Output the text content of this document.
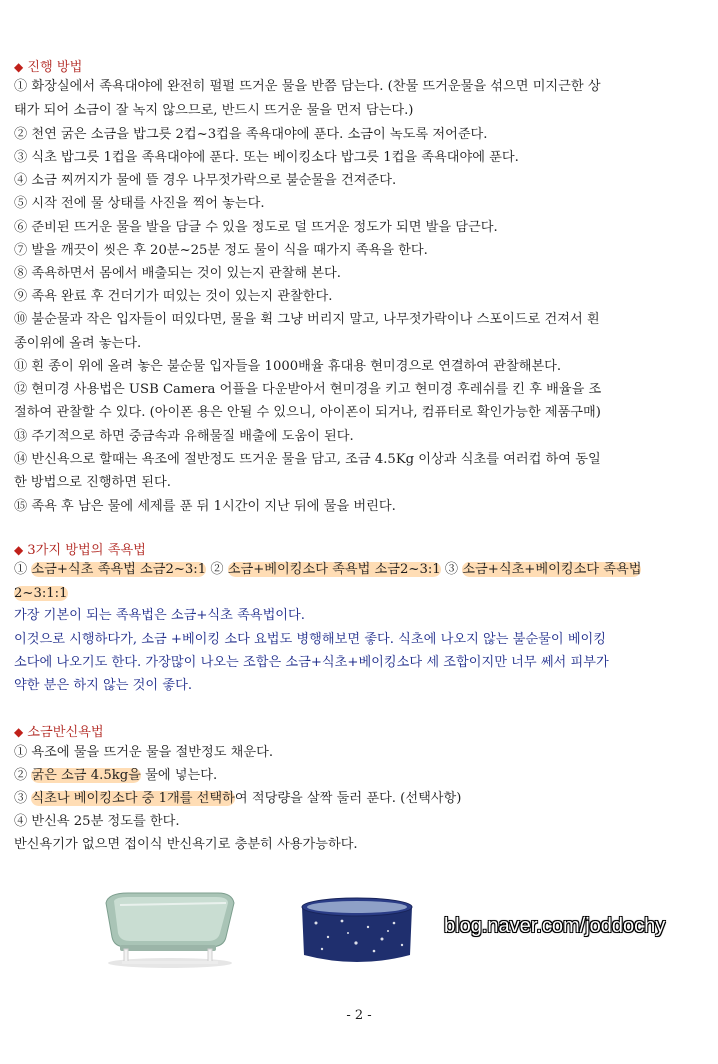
◆ 진행 방법
① 화장실에서 족욕대야에 완전히 펄펄 뜨거운 물을 반쯤 담는다. (찬물 뜨거운물을 섞으면 미지근한 상
태가 되어 소금이 잘 녹지 않으므로, 반드시 뜨거운 물을 먼저 담는다.)
② 천연 굵은 소금을 밥그릇 2컵~3컵을 족욕대야에 푼다. 소금이 녹도록 저어준다.
③ 식초 밥그릇 1컵을 족욕대야에 푼다. 또는 베이킹소다 밥그릇 1컵을 족욕대야에 푼다.
④ 소금 찌꺼지가 물에 뜰 경우 나무젓가락으로 불순물을 건져준다.
⑤ 시작 전에 물 상태를 사진을 찍어 놓는다.
⑥ 준비된 뜨거운 물을 발을 담글 수 있을 정도로 덜 뜨거운 정도가 되면 발을 담근다.
⑦ 발을 깨끗이 씻은 후 20분~25분 정도 물이 식을 때가지 족욕을 한다.
⑧ 족욕하면서 몸에서 배출되는 것이 있는지 관찰해 본다.
⑨ 족욕 완료 후 건더기가 떠있는 것이 있는지 관찰한다.
⑩ 불순물과 작은 입자들이 떠있다면, 물을 휙 그냥 버리지 말고, 나무젓가락이나 스포이드로 건져서 흰
종이위에 올려 놓는다.
⑪ 흰 종이 위에 올려 놓은 불순물 입자들을 1000배율 휴대용 현미경으로 연결하여 관찰해본다.
⑫ 현미경 사용법은 USB Camera 어플을 다운받아서 현미경을 키고 현미경 후레쉬를 킨 후 배율을 조
절하여 관찰할 수 있다. (아이폰 용은 안될 수 있으니, 아이폰이 되거나, 컴퓨터로 확인가능한 제품구매)
⑬ 주기적으로 하면 중금속과 유해물질 배출에 도움이 된다.
⑭ 반신욕으로 할때는 욕조에 절반정도 뜨거운 물을 담고, 조금 4.5Kg 이상과 식초를 여러컵 하여 동일
한 방법으로 진행하면 된다.
⑮ 족욕 후 남은 물에 세제를 푼 뒤 1시간이 지난 뒤에 물을 버린다.
◆ 3가지 방법의 족욕법
① 소금+식초 족욕법 소금2~3:1 ② 소금+베이킹소다 족욕법 소금2~3:1 ③ 소금+식초+베이킹소다 족욕법
2~3:1:1
가장 기본이 되는 족욕법은 소금+식초 족욕법이다.
이것으로 시행하다가, 소금 +베이킹 소다 요법도 병행해보면 좋다. 식초에 나오지 않는 불순물이 베이킹
소다에 나오기도 한다. 가장많이 나오는 조합은 소금+식초+베이킹소다 세 조합이지만 너무 쎄서 피부가
약한 분은 하지 않는 것이 좋다.
◆ 소금반신욕법
① 욕조에 물을 뜨거운 물을 절반정도 채운다.
② 굵은 소금 4.5kg을 물에 넣는다.
③ 식초나 베이킹소다 중 1개를 선택하여 적당량을 살짝 둘러 푼다. (선택사항)
④ 반신욕 25분 정도를 한다.
반신욕기가 없으면 접이식 반신욕기로 충분히 사용가능하다.
blog.naver.com/joddochy
- 2 -
